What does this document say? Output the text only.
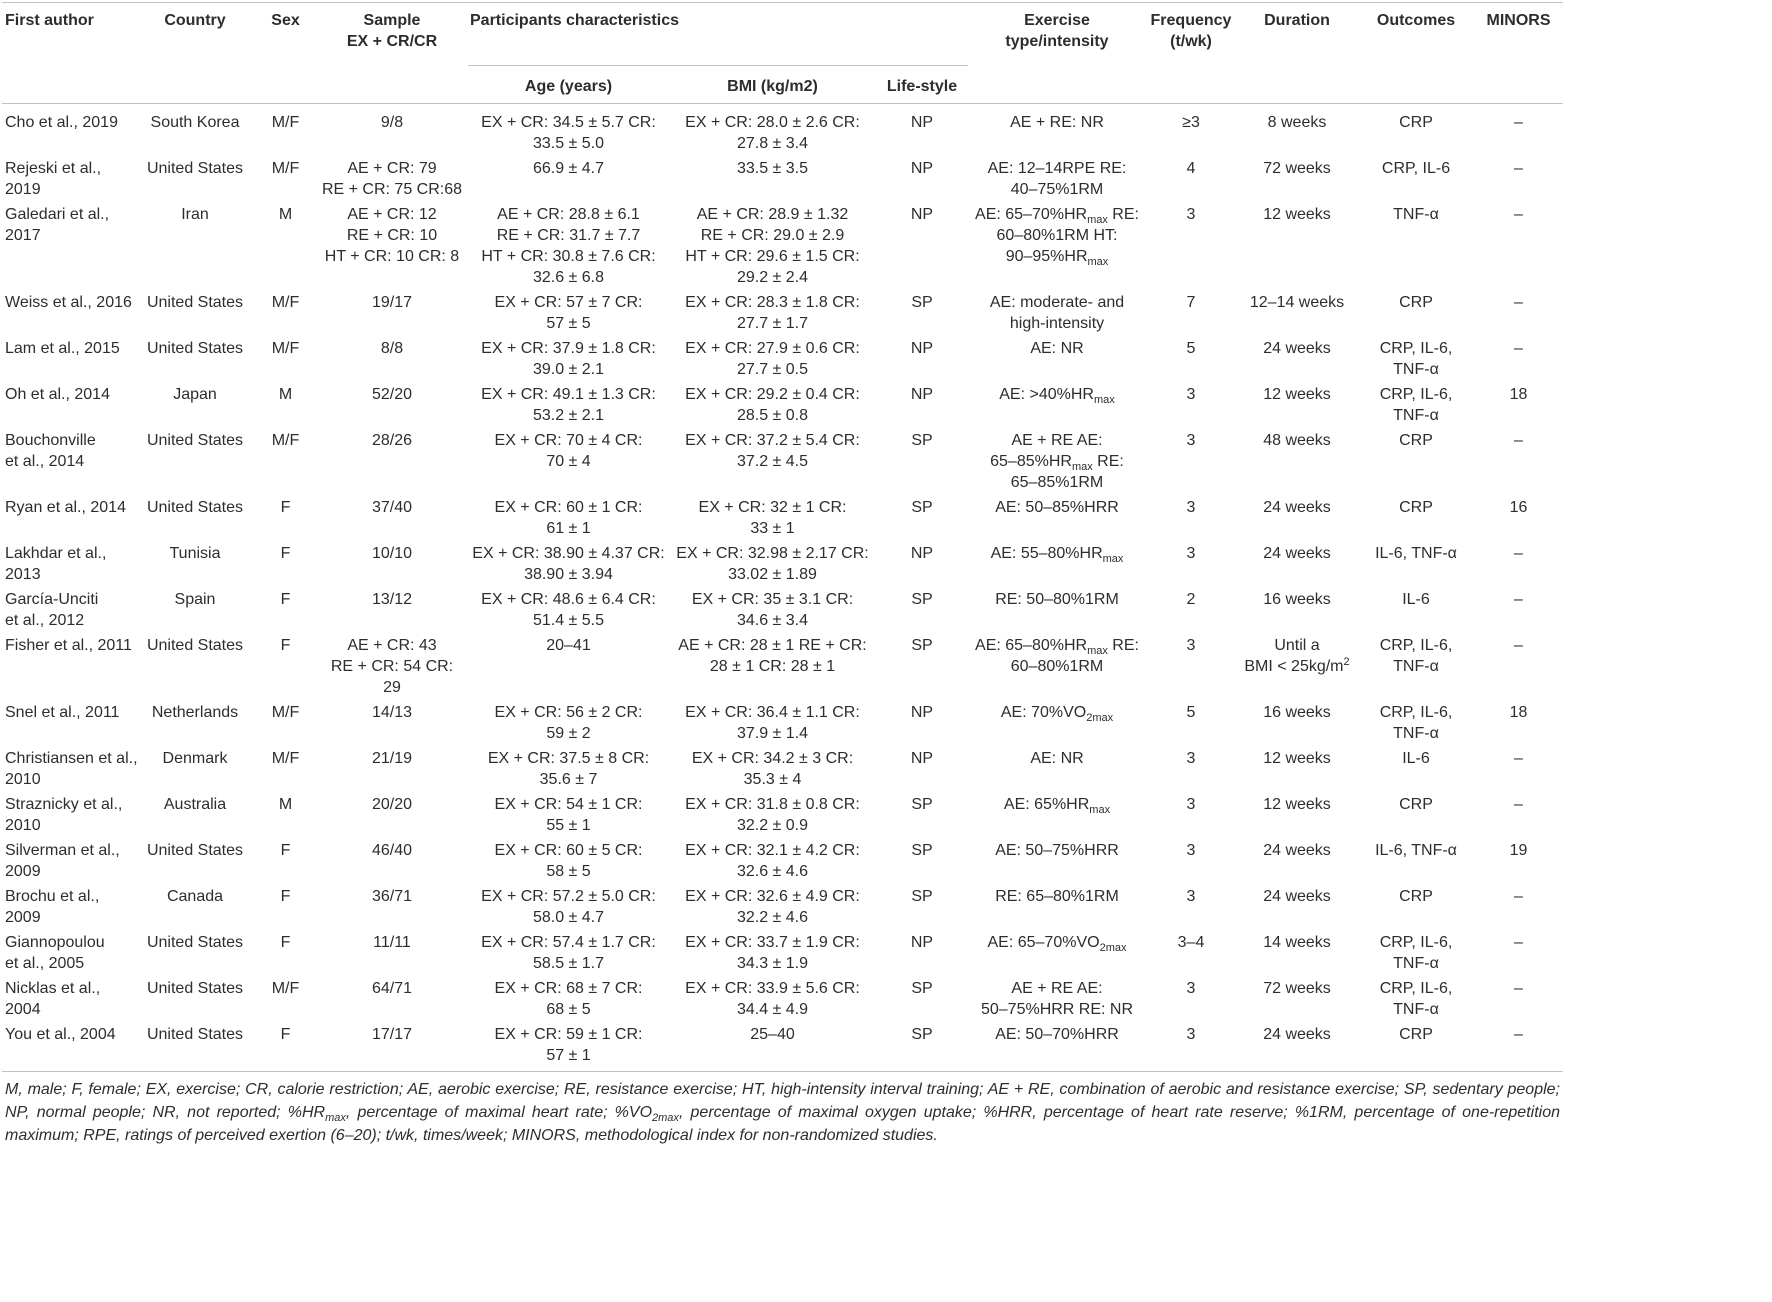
First author	Country	Sex	Sample
EX + CR/CR	Participants characteristics			Exercise
type/intensity	Frequency
(t/wk)	Duration	Outcomes	MINORS
				Age (years)	BMI (kg/m2)	Life-style					
Cho et al., 2019	South Korea	M/F	9/8	EX + CR: 34.5 ± 5.7 CR:
33.5 ± 5.0	EX + CR: 28.0 ± 2.6 CR:
27.8 ± 3.4	NP	AE + RE: NR	≥3	8 weeks	CRP	–
Rejeski et al.,
2019	United States	M/F	AE + CR: 79
RE + CR: 75 CR:68	66.9 ± 4.7	33.5 ± 3.5	NP	AE: 12–14RPE RE:
40–75%1RM	4	72 weeks	CRP, IL-6	–
Galedari et al.,
2017	Iran	M	AE + CR: 12
RE + CR: 10
HT + CR: 10 CR: 8	AE + CR: 28.8 ± 6.1
RE + CR: 31.7 ± 7.7
HT + CR: 30.8 ± 7.6 CR:
32.6 ± 6.8	AE + CR: 28.9 ± 1.32
RE + CR: 29.0 ± 2.9
HT + CR: 29.6 ± 1.5 CR:
29.2 ± 2.4	NP	AE: $65-70\%HR_{max}$ RE:
60–80%1RM HT:
$90-95\%HR_{max}$	3	12 weeks	TNF-α	–
Weiss et al., 2016	United States	M/F	19/17	EX + CR: 57 ± 7 CR:
57 ± 5	EX + CR: 28.3 ± 1.8 CR:
27.7 ± 1.7	SP	AE: moderate- and
high-intensity	7	12–14 weeks	CRP	–
Lam et al., 2015	United States	M/F	8/8	EX + CR: 37.9 ± 1.8 CR:
39.0 ± 2.1	EX + CR: 27.9 ± 0.6 CR:
27.7 ± 0.5	NP	AE: NR	5	24 weeks	CRP, IL-6,
TNF-α	–
Oh et al., 2014	Japan	M	52/20	EX + CR: 49.1 ± 1.3 CR:
53.2 ± 2.1	EX + CR: 29.2 ± 0.4 CR:
28.5 ± 0.8	NP	AE: $>40\%HR_{max}$	3	12 weeks	CRP, IL-6,
TNF-α	18
Bouchonville
et al., 2014	United States	M/F	28/26	EX + CR: 70 ± 4 CR:
70 ± 4	EX + CR: 37.2 ± 5.4 CR:
37.2 ± 4.5	SP	AE + RE AE:
$65-85\%HR_{max}$ RE:
65–85%1RM	3	48 weeks	CRP	–
Ryan et al., 2014	United States	F	37/40	EX + CR: 60 ± 1 CR:
61 ± 1	EX + CR: 32 ± 1 CR:
33 ± 1	SP	AE: 50–85%HRR	3	24 weeks	CRP	16
Lakhdar et al.,
2013	Tunisia	F	10/10	EX + CR: 38.90 ± 4.37 CR:
38.90 ± 3.94	EX + CR: 32.98 ± 2.17 CR:
33.02 ± 1.89	NP	AE: $55-80\%HR_{max}$	3	24 weeks	IL-6, TNF-α	–
García-Unciti
et al., 2012	Spain	F	13/12	EX + CR: 48.6 ± 6.4 CR:
51.4 ± 5.5	EX + CR: 35 ± 3.1 CR:
34.6 ± 3.4	SP	RE: 50–80%1RM	2	16 weeks	IL-6	–
Fisher et al., 2011	United States	F	AE + CR: 43
RE + CR: 54 CR:
29	20–41	AE + CR: 28 ± 1 RE + CR:
28 ± 1 CR: 28 ± 1	SP	AE: $65-80\%HR_{max}$ RE:
60–80%1RM	3	Until a
BMI < $25kg/m^2$	CRP, IL-6,
TNF-α	–
Snel et al., 2011	Netherlands	M/F	14/13	EX + CR: 56 ± 2 CR:
59 ± 2	EX + CR: 36.4 ± 1.1 CR:
37.9 ± 1.4	NP	AE: $70\%VO_{2max}$	5	16 weeks	CRP, IL-6,
TNF-α	18
Christiansen et al.,
2010	Denmark	M/F	21/19	EX + CR: 37.5 ± 8 CR:
35.6 ± 7	EX + CR: 34.2 ± 3 CR:
35.3 ± 4	NP	AE: NR	3	12 weeks	IL-6	–
Straznicky et al.,
2010	Australia	M	20/20	EX + CR: 54 ± 1 CR:
55 ± 1	EX + CR: 31.8 ± 0.8 CR:
32.2 ± 0.9	SP	AE: $65\%HR_{max}$	3	12 weeks	CRP	–
Silverman et al.,
2009	United States	F	46/40	EX + CR: 60 ± 5 CR:
58 ± 5	EX + CR: 32.1 ± 4.2 CR:
32.6 ± 4.6	SP	AE: 50–75%HRR	3	24 weeks	IL-6, TNF-α	19
Brochu et al.,
2009	Canada	F	36/71	EX + CR: 57.2 ± 5.0 CR:
58.0 ± 4.7	EX + CR: 32.6 ± 4.9 CR:
32.2 ± 4.6	SP	RE: 65–80%1RM	3	24 weeks	CRP	–
Giannopoulou
et al., 2005	United States	F	11/11	EX + CR: 57.4 ± 1.7 CR:
58.5 ± 1.7	EX + CR: 33.7 ± 1.9 CR:
34.3 ± 1.9	NP	AE: $65-70\%VO_{2max}$	3–4	14 weeks	CRP, IL-6,
TNF-α	–
Nicklas et al.,
2004	United States	M/F	64/71	EX + CR: 68 ± 7 CR:
68 ± 5	EX + CR: 33.9 ± 5.6 CR:
34.4 ± 4.9	SP	AE + RE AE:
50–75%HRR RE: NR	3	72 weeks	CRP, IL-6,
TNF-α	–
You et al., 2004	United States	F	17/17	EX + CR: 59 ± 1 CR:
57 ± 1	25–40	SP	AE: 50–70%HRR	3	24 weeks	CRP	–

M, male; F, female; EX, exercise; CR, calorie restriction; AE, aerobic exercise; RE, resistance exercise; HT, high-intensity interval training; AE + RE, combination of aerobic and resistance exercise; SP, sedentary people; NP, normal people; NR, not reported; $\%HR_{max}$, percentage of maximal heart rate; $\%VO_{2max}$, percentage of maximal oxygen uptake; %HRR, percentage of heart rate reserve; %1RM, percentage of one-repetition maximum; RPE, ratings of perceived exertion (6–20); t/wk, times/week; MINORS, methodological index for non-randomized studies.
